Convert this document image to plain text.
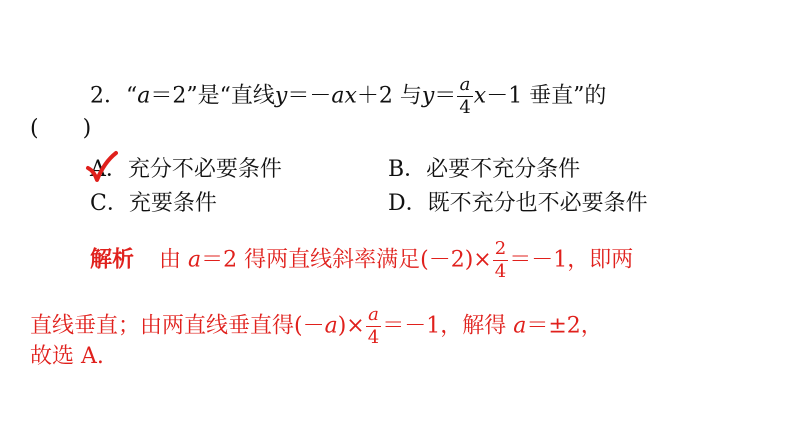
2．“a＝2”是“直线y＝－ax＋2 与$y= \frac{a}{4} x-1$ 垂直”的
(　　)
A．充分不必要条件	B．必要不充分条件
C．充要条件	D．既不充分也不必要条件
解析 由 a＝2 得两直线斜率满足$(-2)\times \frac{2}{4} =-1$，即两
直线垂直；由两直线垂直得$(-a)\times \frac{a}{4} =-1$，解得 a＝±2，
故选 A.
